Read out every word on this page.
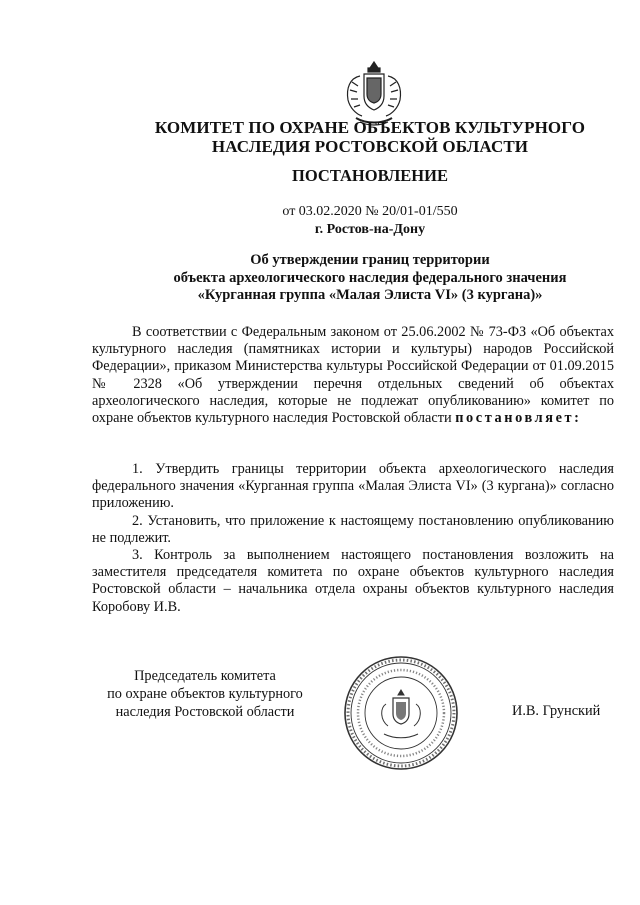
КОМИТЕТ ПО ОХРАНЕ ОБЪЕКТОВ КУЛЬТУРНОГО
НАСЛЕДИЯ РОСТОВСКОЙ ОБЛАСТИ
ПОСТАНОВЛЕНИЕ
от 03.02.2020 № 20/01-01/550
г. Ростов-на-Дону
Об утверждении границ территории
объекта археологического наследия федерального значения
«Курганная группа «Малая Элиста VI» (3 кургана)»

В соответствии с Федеральным законом от 25.06.2002 № 73-ФЗ «Об объектах культурного наследия (памятниках истории и культуры) народов Российской Федерации», приказом Министерства культуры Российской Федерации от 01.09.2015 № 2328 «Об утверждении перечня отдельных сведений об объектах археологического наследия, которые не подлежат опубликованию» комитет по охране объектов культурного наследия Ростовской области постановляет:

1. Утвердить границы территории объекта археологического наследия федерального значения «Курганная группа «Малая Элиста VI» (3 кургана)» согласно приложению.

2. Установить, что приложение к настоящему постановлению опубликованию не подлежит.

3. Контроль за выполнением настоящего постановления возложить на заместителя председателя комитета по охране объектов культурного наследия Ростовской области – начальника отдела охраны объектов культурного наследия Коробову И.В.

Председатель комитета
по охране объектов культурного
наследия Ростовской области	И.В. Грунский
